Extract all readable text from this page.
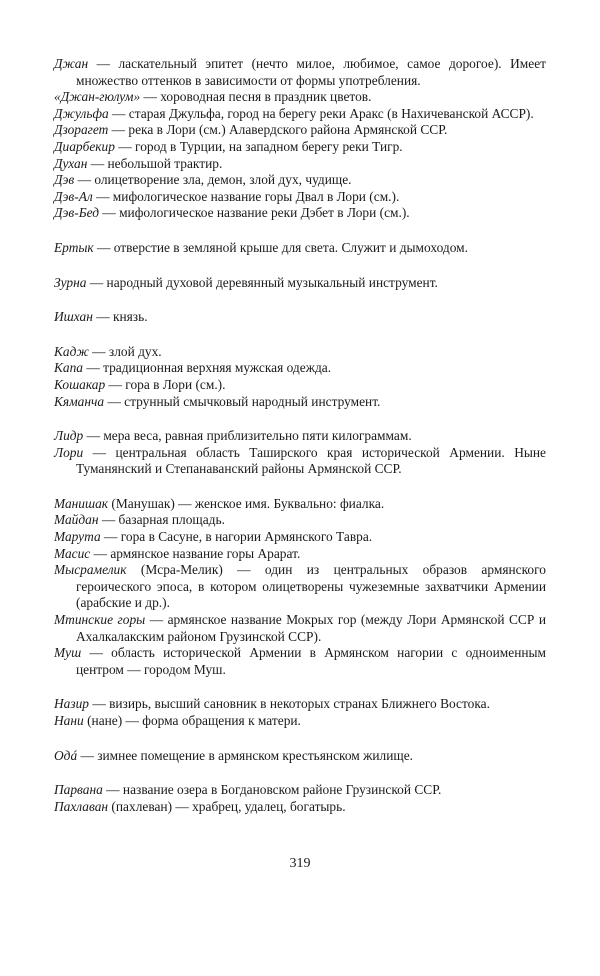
Джан — ласкательный эпитет (нечто милое, любимое, самое дорогое). Имеет множество оттенков в зависимости от формы употребления.
«Джан-гюлум» — хороводная песня в праздник цветов.
Джульфа — старая Джульфа, город на берегу реки Аракс (в Нахичеванской АССР).
Дзорагет — река в Лори (см.) Алавердского района Армянской ССР.
Диарбекир — город в Турции, на западном берегу реки Тигр.
Духан — небольшой трактир.
Дэв — олицетворение зла, демон, злой дух, чудище.
Дэв-Ал — мифологическое название горы Двал в Лори (см.).
Дэв-Бед — мифологическое название реки Дэбет в Лори (см.).
Ертык — отверстие в земляной крыше для света. Служит и дымоходом.
Зурна — народный духовой деревянный музыкальный инструмент.
Ишхан — князь.
Кадж — злой дух.
Капа — традиционная верхняя мужская одежда.
Кошакар — гора в Лори (см.).
Кяманча — струнный смычковый народный инструмент.
Лидр — мера веса, равная приблизительно пяти килограммам.
Лори — центральная область Таширского края исторической Армении. Ныне Туманянский и Степанаванский районы Армянской ССР.
Манишак (Манушак) — женское имя. Буквально: фиалка.
Майдан — базарная площадь.
Марута — гора в Сасуне, в нагории Армянского Тавра.
Масис — армянское название горы Арарат.
Мысрамелик (Мсра-Мелик) — один из центральных образов армянского героического эпоса, в котором олицетворены чужеземные захватчики Армении (арабские и др.).
Мтинские горы — армянское название Мокрых гор (между Лори Армянской ССР и Ахалкалакским районом Грузинской ССР).
Муш — область исторической Армении в Армянском нагории с одноименным центром — городом Муш.
Назир — визирь, высший сановник в некоторых странах Ближнего Востока.
Нани (нане) — форма обращения к матери.
Одá — зимнее помещение в армянском крестьянском жилище.
Парвана — название озера в Богдановском районе Грузинской ССР.
Пахлаван (пахлеван) — храбрец, удалец, богатырь.
319
